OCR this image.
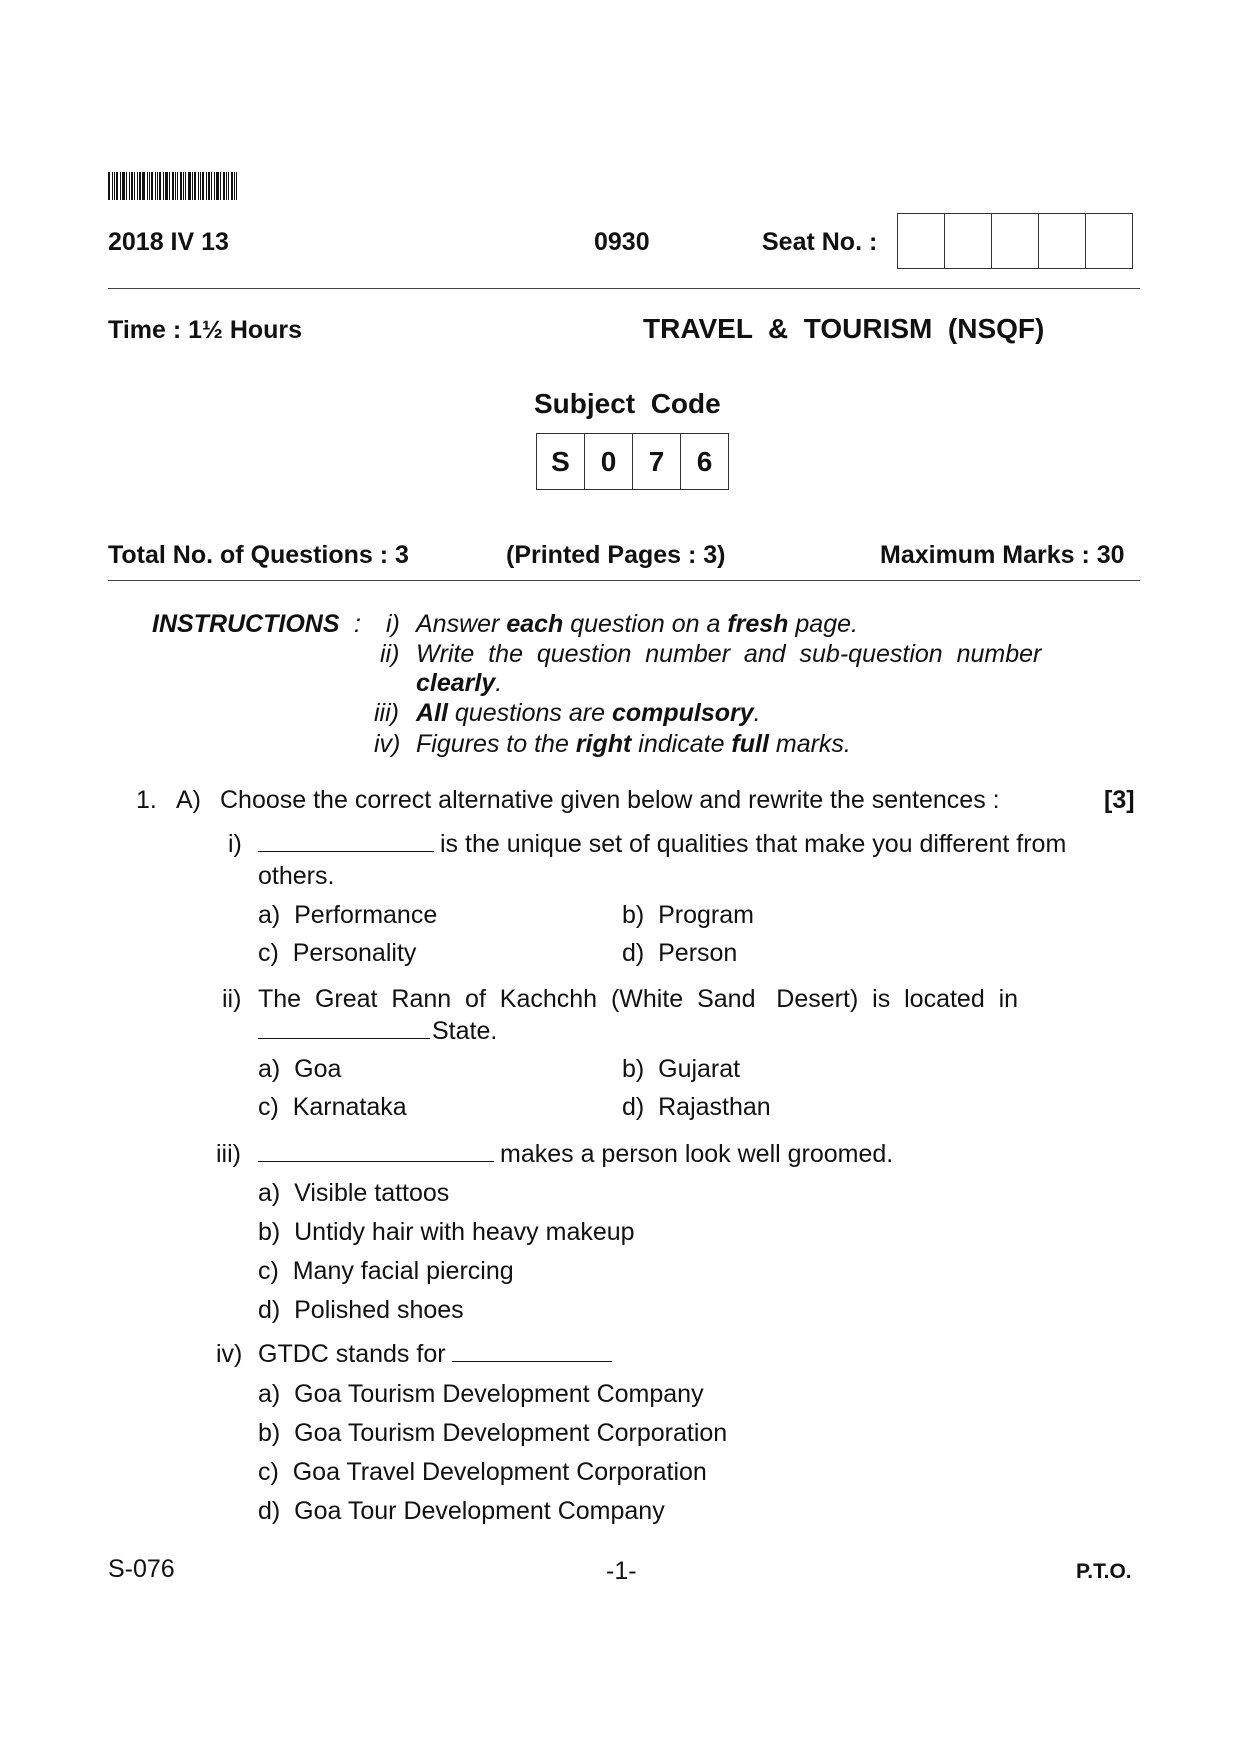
2018 IV 13	0930	Seat No. :
Time : 1½ Hours	TRAVEL  &  TOURISM  (NSQF)
Subject  Code
S	0	7	6
Total No. of Questions : 3	(Printed Pages : 3)	Maximum Marks : 30
INSTRUCTIONS : i) Answer each question on a fresh page.
ii) Write  the  question  number  and  sub-question  number
clearly.
iii) All questions are compulsory.
iv) Figures to the right indicate full marks.
1. A) Choose the correct alternative given below and rewrite the sentences :	[3]
i)	is the unique set of qualities that make you different from
others.
a)  Performance	b)  Program
c)  Personality	d)  Person
ii) The  Great  Rann  of  Kachchh  (White  Sand   Desert)  is  located  in
State.
a)  Goa	b)  Gujarat
c)  Karnataka	d)  Rajasthan
iii)	makes a person look well groomed.
a)  Visible tattoos
b)  Untidy hair with heavy makeup
c)  Many facial piercing
d)  Polished shoes
iv) GTDC stands for
a)  Goa Tourism Development Company
b)  Goa Tourism Development Corporation
c)  Goa Travel Development Corporation
d)  Goa Tour Development Company
S-076	-1-	P.T.O.
